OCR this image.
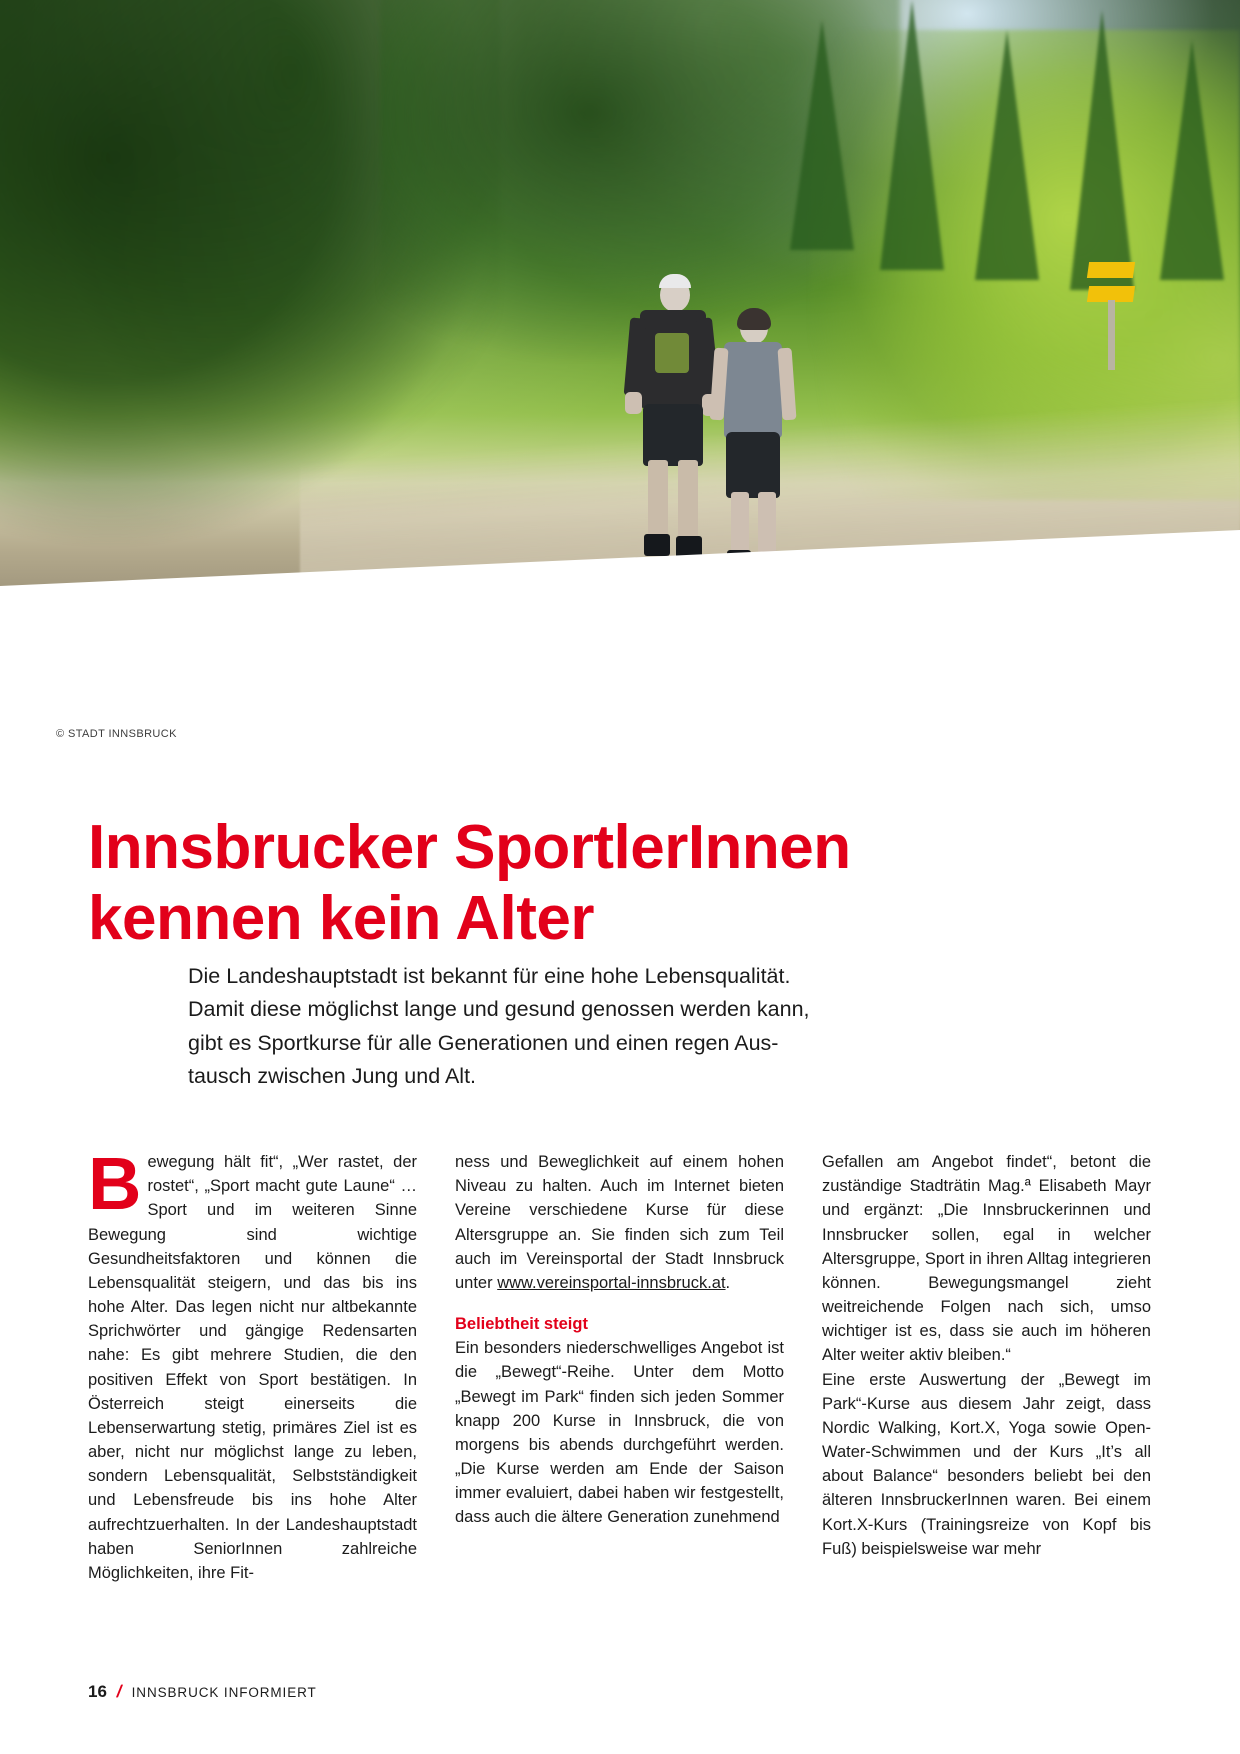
© STADT INNSBRUCK
Innsbrucker SportlerInnen
kennen kein Alter
Die Landeshauptstadt ist bekannt für eine hohe Lebensqualität.
Damit diese möglichst lange und gesund genossen werden kann,
gibt es Sportkurse für alle Generationen und einen regen Aus-
tausch zwischen Jung und Alt.

Bewegung hält fit“, „Wer rastet, der rostet“, „Sport macht gute Laune“ … Sport und im weiteren Sinne Bewegung sind wichtige Gesundheitsfaktoren und können die Lebensqualität steigern, und das bis ins hohe Alter. Das legen nicht nur altbekannte Sprichwörter und gängige Redensarten nahe: Es gibt mehrere Studien, die den positiven Effekt von Sport bestätigen. In Österreich steigt einerseits die Lebenserwartung stetig, primäres Ziel ist es aber, nicht nur möglichst lange zu leben, sondern Lebensqualität, Selbstständigkeit und Lebensfreude bis ins hohe Alter aufrechtzuerhalten. In der Landeshauptstadt haben SeniorInnen zahlreiche Möglichkeiten, ihre Fit-

ness und Beweglichkeit auf einem hohen Niveau zu halten. Auch im Internet bieten Vereine verschiedene Kurse für diese Altersgruppe an. Sie finden sich zum Teil auch im Vereinsportal der Stadt Innsbruck unter www.vereinsportal-innsbruck.at.

Beliebtheit steigt

Ein besonders niederschwelliges Angebot ist die „Bewegt“-Reihe. Unter dem Motto „Bewegt im Park“ finden sich jeden Sommer knapp 200 Kurse in Innsbruck, die von morgens bis abends durchgeführt werden. „Die Kurse werden am Ende der Saison immer evaluiert, dabei haben wir festgestellt, dass auch die ältere Generation zunehmend

Gefallen am Angebot findet“, betont die zuständige Stadträtin Mag.ª Elisabeth Mayr und ergänzt: „Die Innsbruckerinnen und Innsbrucker sollen, egal in welcher Altersgruppe, Sport in ihren Alltag integrieren können. Bewegungsmangel zieht weitreichende Folgen nach sich, umso wichtiger ist es, dass sie auch im höheren Alter weiter aktiv bleiben.“

Eine erste Auswertung der „Bewegt im Park“-Kurse aus diesem Jahr zeigt, dass Nordic Walking, Kort.X, Yoga sowie Open-Water-Schwimmen und der Kurs „It’s all about Balance“ besonders beliebt bei den älteren InnsbruckerInnen waren. Bei einem Kort.X-Kurs (Trainingsreize von Kopf bis Fuß) beispielsweise war mehr

16 / INNSBRUCK INFORMIERT
